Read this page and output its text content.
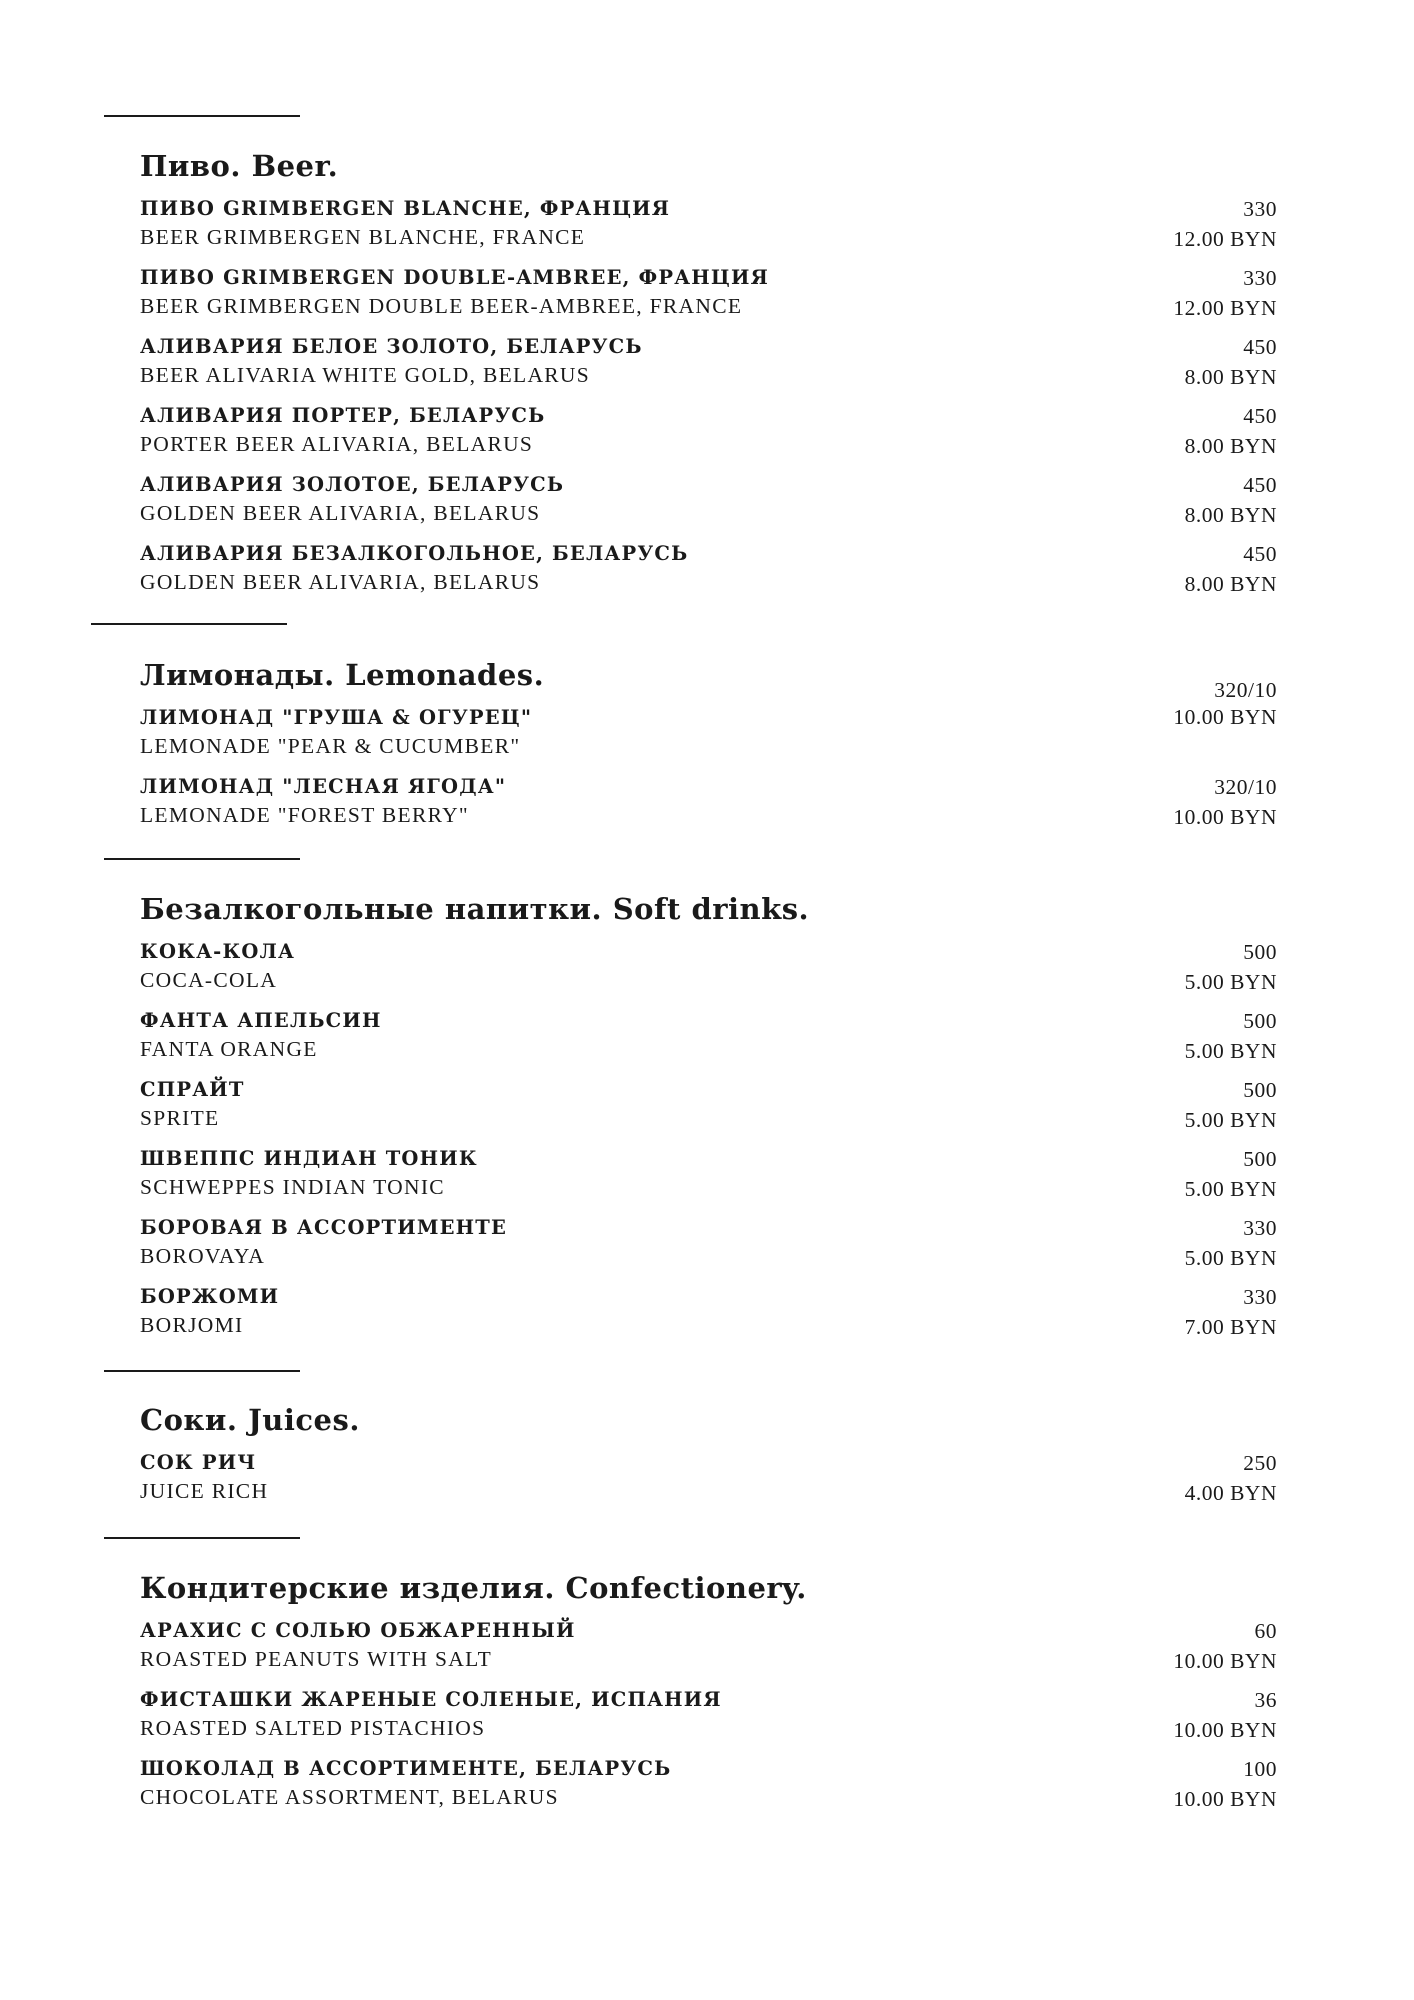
Пиво. Beer.
ПИВО GRIMBERGEN BLANCHE, ФРАНЦИЯ
BEER GRIMBERGEN BLANCHE, FRANCE
330
12.00 BYN
ПИВО GRIMBERGEN DOUBLE-AMBREE, ФРАНЦИЯ
BEER GRIMBERGEN DOUBLE BEER-AMBREE, FRANCE
330
12.00 BYN
АЛИВАРИЯ БЕЛОЕ ЗОЛОТО, БЕЛАРУСЬ
BEER ALIVARIA WHITE GOLD, BELARUS
450
8.00 BYN
АЛИВАРИЯ ПОРТЕР, БЕЛАРУСЬ
PORTER BEER ALIVARIA, BELARUS
450
8.00 BYN
АЛИВАРИЯ ЗОЛОТОЕ, БЕЛАРУСЬ
GOLDEN BEER ALIVARIA, BELARUS
450
8.00 BYN
АЛИВАРИЯ БЕЗАЛКОГОЛЬНОЕ, БЕЛАРУСЬ
GOLDEN BEER ALIVARIA, BELARUS
450
8.00 BYN
Лимонады. Lemonades.
ЛИМОНАД "ГРУША & ОГУРЕЦ"
LEMONADE "PEAR & CUCUMBER"
320/10
10.00 BYN
ЛИМОНАД "ЛЕСНАЯ ЯГОДА"
LEMONADE "FOREST BERRY"
320/10
10.00 BYN
Безалкогольные напитки. Soft drinks.
КОКА-КОЛА
COCA-COLA
500
5.00 BYN
ФАНТА АПЕЛЬСИН
FANTA ORANGE
500
5.00 BYN
СПРАЙТ
SPRITE
500
5.00 BYN
ШВЕППС ИНДИАН ТОНИК
SCHWEPPES INDIAN TONIC
500
5.00 BYN
БОРОВАЯ В АССОРТИМЕНТЕ
BOROVAYA
330
5.00 BYN
БОРЖОМИ
BORJOMI
330
7.00 BYN
Соки. Juices.
СОК РИЧ
JUICE RICH
250
4.00 BYN
Кондитерские изделия. Confectionery.
АРАХИС С СОЛЬЮ ОБЖАРЕННЫЙ
ROASTED PEANUTS WITH SALT
60
10.00 BYN
ФИСТАШКИ ЖАРЕНЫЕ СОЛЕНЫЕ, ИСПАНИЯ
ROASTED SALTED PISTACHIOS
36
10.00 BYN
ШОКОЛАД В АССОРТИМЕНТЕ, БЕЛАРУСЬ
CHOCOLATE ASSORTMENT, BELARUS
100
10.00 BYN
